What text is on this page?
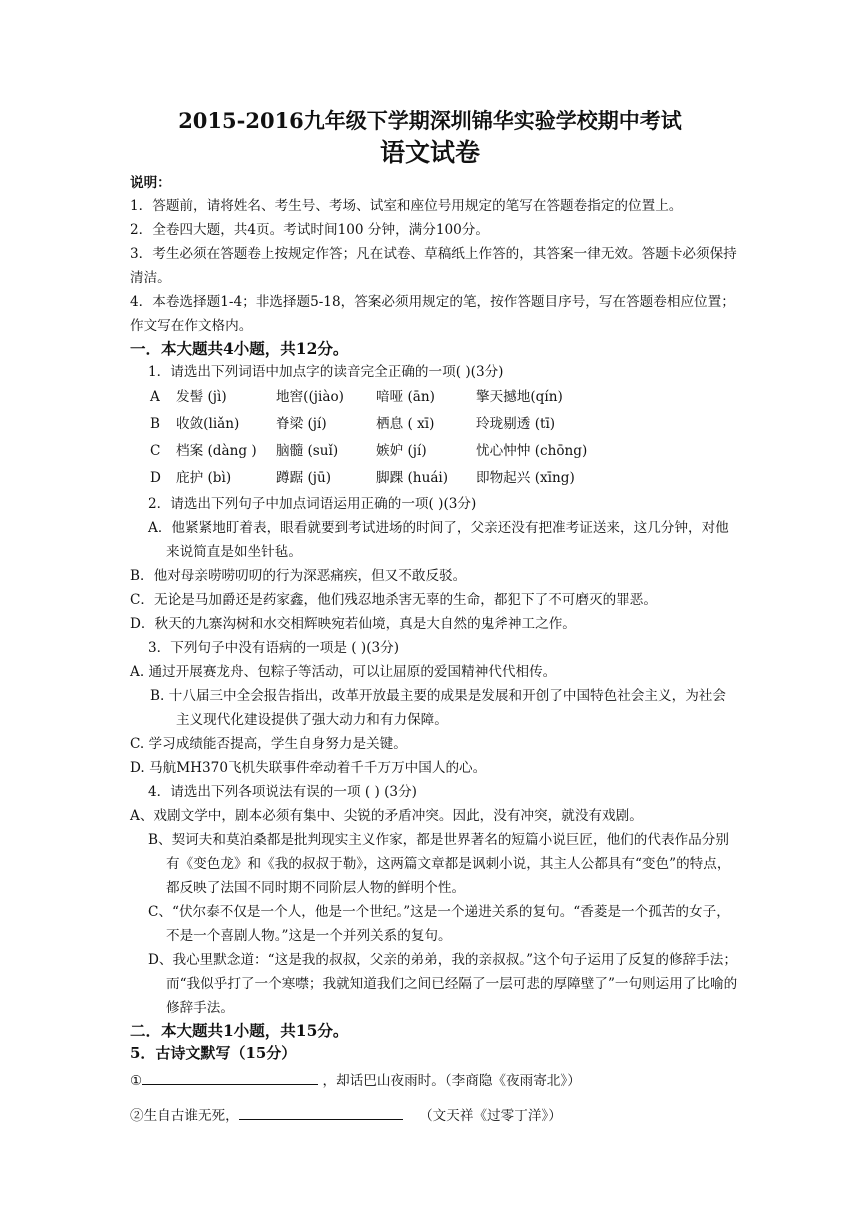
2015-2016九年级下学期深圳锦华实验学校期中考试
语文试卷
说明：
1．答题前，请将姓名、考生号、考场、试室和座位号用规定的笔写在答题卷指定的位置上。
2．全卷四大题，共4页。考试时间100 分钟，满分100分。
3．考生必须在答题卷上按规定作答；凡在试卷、草稿纸上作答的，其答案一律无效。答题卡必须保持清洁。
4．本卷选择题1-4；非选择题5-18，答案必须用规定的笔，按作答题目序号，写在答题卷相应位置；作文写在作文格内。
一．本大题共4小题，共12分。
1．请选出下列词语中加点字的读音完全正确的一项( )(3分)
A	发髻 (jì)	地窖((jiào)	喑哑 (ān)	擎天撼地(qín)
B	收敛(liǎn)	脊梁 (jí)	栖息 ( xī)	玲珑剔透 (tī)
C	档案 (dàng )	脑髓 (suǐ)	嫉妒 (jí)	忧心忡忡 (chōng)
D	庇护 (bì)	蹲踞 (jū)	脚踝 (huái)	即物起兴 (xīng)
2．请选出下列句子中加点词语运用正确的一项( )(3分)
A．他紧紧地盯着表，眼看就要到考试进场的时间了，父亲还没有把准考证送来，这几分钟，对他来说简直是如坐针毡。
B．他对母亲唠唠叨叨的行为深恶痛疾，但又不敢反驳。
C．无论是马加爵还是药家鑫，他们残忍地杀害无辜的生命，都犯下了不可磨灭的罪恶。
D．秋天的九寨沟树和水交相辉映宛若仙境，真是大自然的鬼斧神工之作。
3．下列句子中没有语病的一项是 ( )(3分)
A. 通过开展赛龙舟、包粽子等活动，可以让屈原的爱国精神代代相传。
B. 十八届三中全会报告指出，改革开放最主要的成果是发展和开创了中国特色社会主义，为社会主义现代化建设提供了强大动力和有力保障。
C. 学习成绩能否提高，学生自身努力是关键。
D. 马航MH370飞机失联事件牵动着千千万万中国人的心。
4．请选出下列各项说法有误的一项 ( ) (3分)
A、戏剧文学中，剧本必须有集中、尖锐的矛盾冲突。因此，没有冲突，就没有戏剧。
B、契诃夫和莫泊桑都是批判现实主义作家，都是世界著名的短篇小说巨匠，他们的代表作品分别有《变色龙》和《我的叔叔于勒》，这两篇文章都是讽刺小说，其主人公都具有“变色”的特点，都反映了法国不同时期不同阶层人物的鲜明个性。
C、“伏尔泰不仅是一个人，他是一个世纪。”这是一个递进关系的复句。“香菱是一个孤苦的女子，不是一个喜剧人物。”这是一个并列关系的复句。
D、我心里默念道：“这是我的叔叔，父亲的弟弟，我的亲叔叔。”这个句子运用了反复的修辞手法；而“我似乎打了一个寒噤；我就知道我们之间已经隔了一层可悲的厚障壁了”一句则运用了比喻的修辞手法。
二．本大题共1小题，共15分。
5．古诗文默写（15分）
①	，却话巴山夜雨时。（李商隐《夜雨寄北》）
②生自古谁无死，	（文天祥《过零丁洋》）
